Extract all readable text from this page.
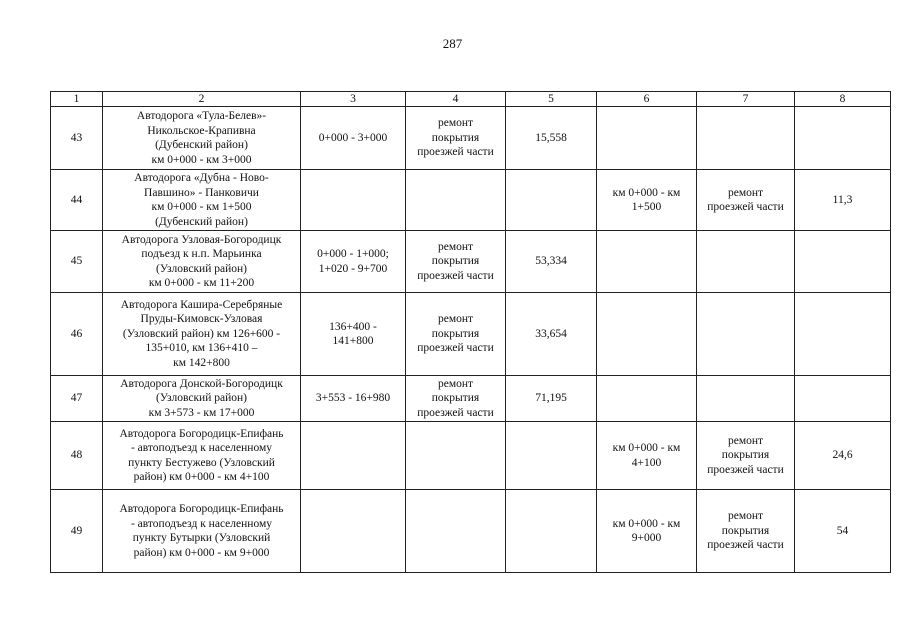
287
1	2	3	4	5	6	7	8
43	Автодорога «Тула-Белев»-
Никольское-Крапивна
(Дубенский район)
км 0+000 - км 3+000	0+000 - 3+000	ремонт
покрытия
проезжей части	15,558			
44	Автодорога «Дубна - Ново-
Павшино» - Панковичи
км 0+000 - км 1+500
(Дубенский район)				км 0+000 - км
1+500	ремонт
проезжей части	11,3
45	Автодорога Узловая-Богородицк
подъезд к н.п. Марьинка
(Узловский район)
км 0+000 - км 11+200	0+000 - 1+000;
1+020 - 9+700	ремонт
покрытия
проезжей части	53,334			
46	Автодорога Кашира-Серебряные
Пруды-Кимовск-Узловая
(Узловский район) км 126+600 -
135+010, км 136+410 –
км 142+800	136+400 -
141+800	ремонт
покрытия
проезжей части	33,654			
47	Автодорога Донской-Богородицк
(Узловский район)
км 3+573 - км 17+000	3+553 - 16+980	ремонт
покрытия
проезжей части	71,195			
48	Автодорога Богородицк-Епифань
- автоподъезд к населенному
пункту Бестужево (Узловский
район) км 0+000 - км 4+100				км 0+000 - км
4+100	ремонт
покрытия
проезжей части	24,6
49	Автодорога Богородицк-Епифань
- автоподъезд к населенному
пункту Бутырки (Узловский
район) км 0+000 - км 9+000				км 0+000 - км
9+000	ремонт
покрытия
проезжей части	54
